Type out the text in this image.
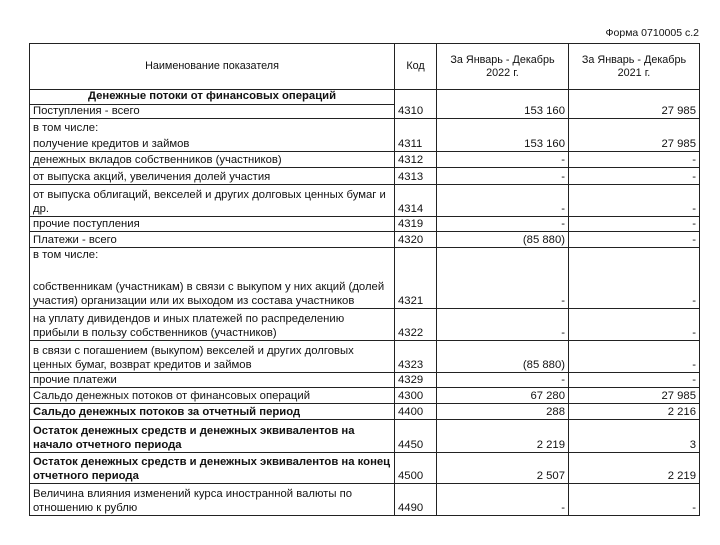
Форма 0710005 с.2
Наименование показателя	Код	За Январь - Декабрь 2022 г.	За Январь - Декабрь 2021 г.
Денежные потоки от финансовых операций			
Поступления - всего	4310	153 160	27 985
в том числе:			
получение кредитов и займов	4311	153 160	27 985
денежных вкладов собственников (участников)	4312	-	-
от выпуска акций, увеличения долей участия	4313	-	-
от выпуска облигаций, векселей и других долговых ценных бумаг и др.	4314	-	-
прочие поступления	4319	-	-
Платежи - всего	4320	(85 880)	-
в том числе:			
собственникам (участникам) в связи с выкупом у них акций (долей участия) организации или их выходом из состава участников	4321	-	-
на уплату дивидендов и иных платежей по распределению прибыли в пользу собственников (участников)	4322	-	-
в связи с погашением (выкупом) векселей и других долговых ценных бумаг, возврат кредитов и займов	4323	(85 880)	-
прочие платежи	4329	-	-
Сальдо денежных потоков от финансовых операций	4300	67 280	27 985
Сальдо денежных потоков за отчетный период	4400	288	2 216
Остаток денежных средств и денежных эквивалентов на начало отчетного периода	4450	2 219	3
Остаток денежных средств и денежных эквивалентов на конец отчетного периода	4500	2 507	2 219
Величина влияния изменений курса иностранной валюты по отношению к рублю	4490	-	-
